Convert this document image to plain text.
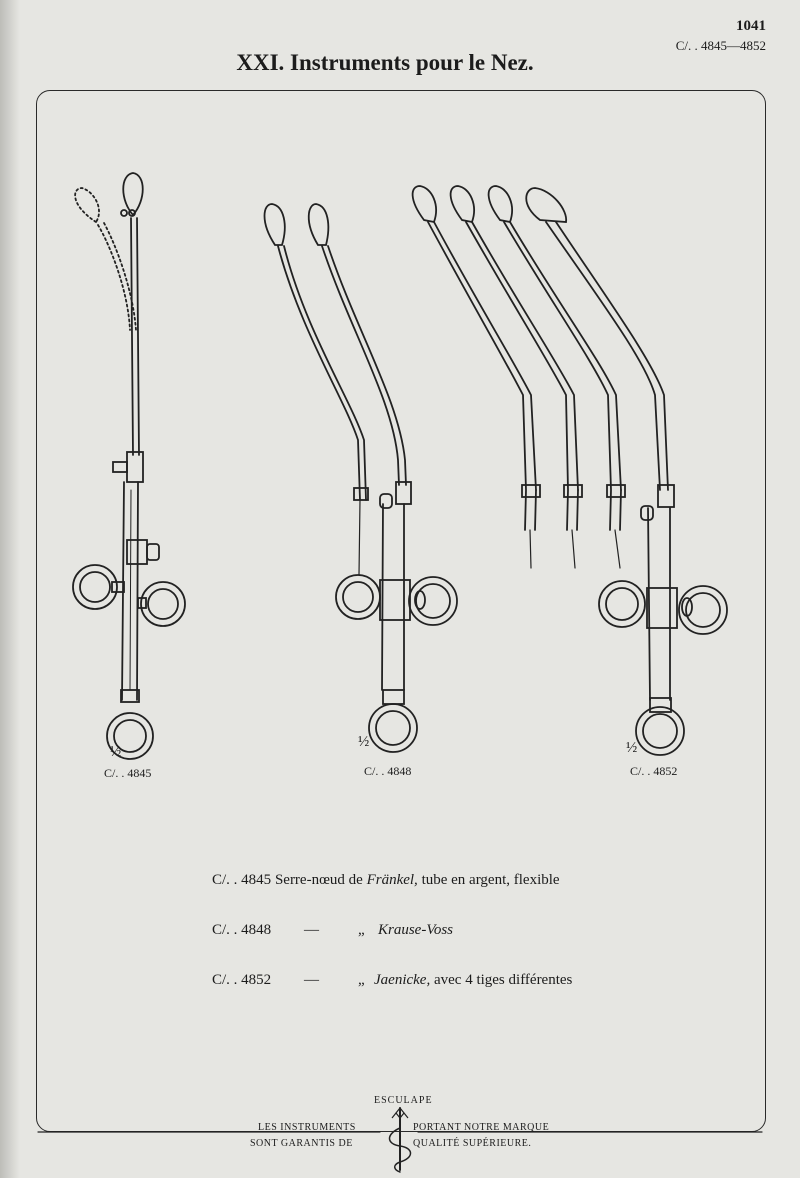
1041
C/. . 4845—4852
XXI. Instruments pour le Nez.
½
C/. . 4845
½
C/. . 4848
½
C/. . 4852
C/. . 4845 Serre-nœud de Fränkel, tube en argent, flexible
C/. . 4848 —	„ Krause-Voss
C/. . 4852 —	„ Jaenicke, avec 4 tiges différentes
ESCULAPE
LES INSTRUMENTS
SONT GARANTIS DE
PORTANT NOTRE MARQUE
QUALITÉ SUPÉRIEURE.
